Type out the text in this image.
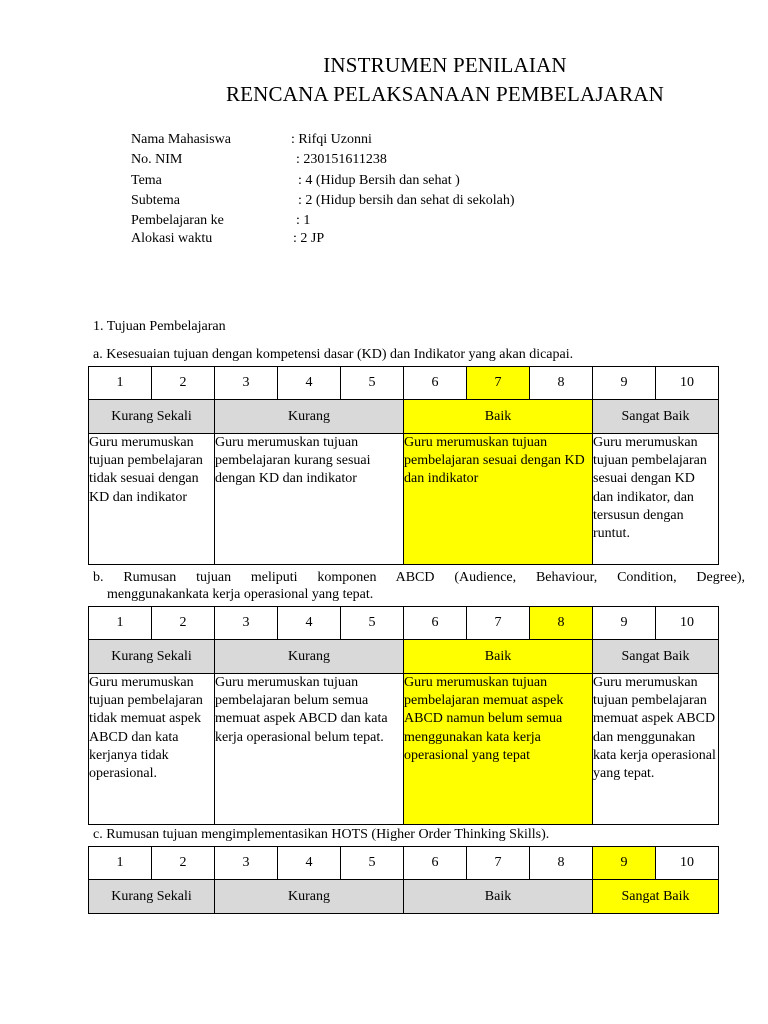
INSTRUMEN PENILAIAN
RENCANA PELAKSANAAN PEMBELAJARAN
Nama Mahasiswa	: Rifqi Uzonni
No. NIM	: 230151611238
Tema	: 4 (Hidup Bersih dan sehat )
Subtema	: 2 (Hidup bersih dan sehat di sekolah)
Pembelajaran ke	: 1
Alokasi waktu	: 2 JP
1. Tujuan Pembelajaran
a. Kesesuaian tujuan dengan kompetensi dasar (KD) dan Indikator yang akan dicapai.
1	2	3	4	5	6	7	8	9	10
Kurang Sekali		Kurang			Baik			Sangat Baik	
Guru merumuskan tujuan pembelajaran tidak sesuai dengan KD dan indikator		Guru merumuskan tujuan pembelajaran kurang sesuai dengan KD dan indikator			Guru merumuskan tujuan pembelajaran sesuai dengan KD dan indikator			Guru merumuskan tujuan pembelajaran sesuai dengan KD dan indikator, dan tersusun dengan runtut.	
b. Rumusan tujuan meliputi komponen ABCD (Audience, Behaviour, Condition, Degree),
menggunakankata kerja operasional yang tepat.
1	2	3	4	5	6	7	8	9	10
Kurang Sekali		Kurang			Baik			Sangat Baik	
Guru merumuskan tujuan pembelajaran tidak memuat aspek ABCD dan kata kerjanya tidak operasional.		Guru merumuskan tujuan pembelajaran belum semua memuat aspek ABCD dan kata kerja operasional belum tepat.			Guru merumuskan tujuan pembelajaran memuat aspek ABCD namun belum semua menggunakan kata kerja operasional yang tepat			Guru merumuskan tujuan pembelajaran memuat aspek ABCD dan menggunakan kata kerja operasional yang tepat.	
c. Rumusan tujuan mengimplementasikan HOTS (Higher Order Thinking Skills).
1	2	3	4	5	6	7	8	9	10
Kurang Sekali		Kurang			Baik			Sangat Baik	
